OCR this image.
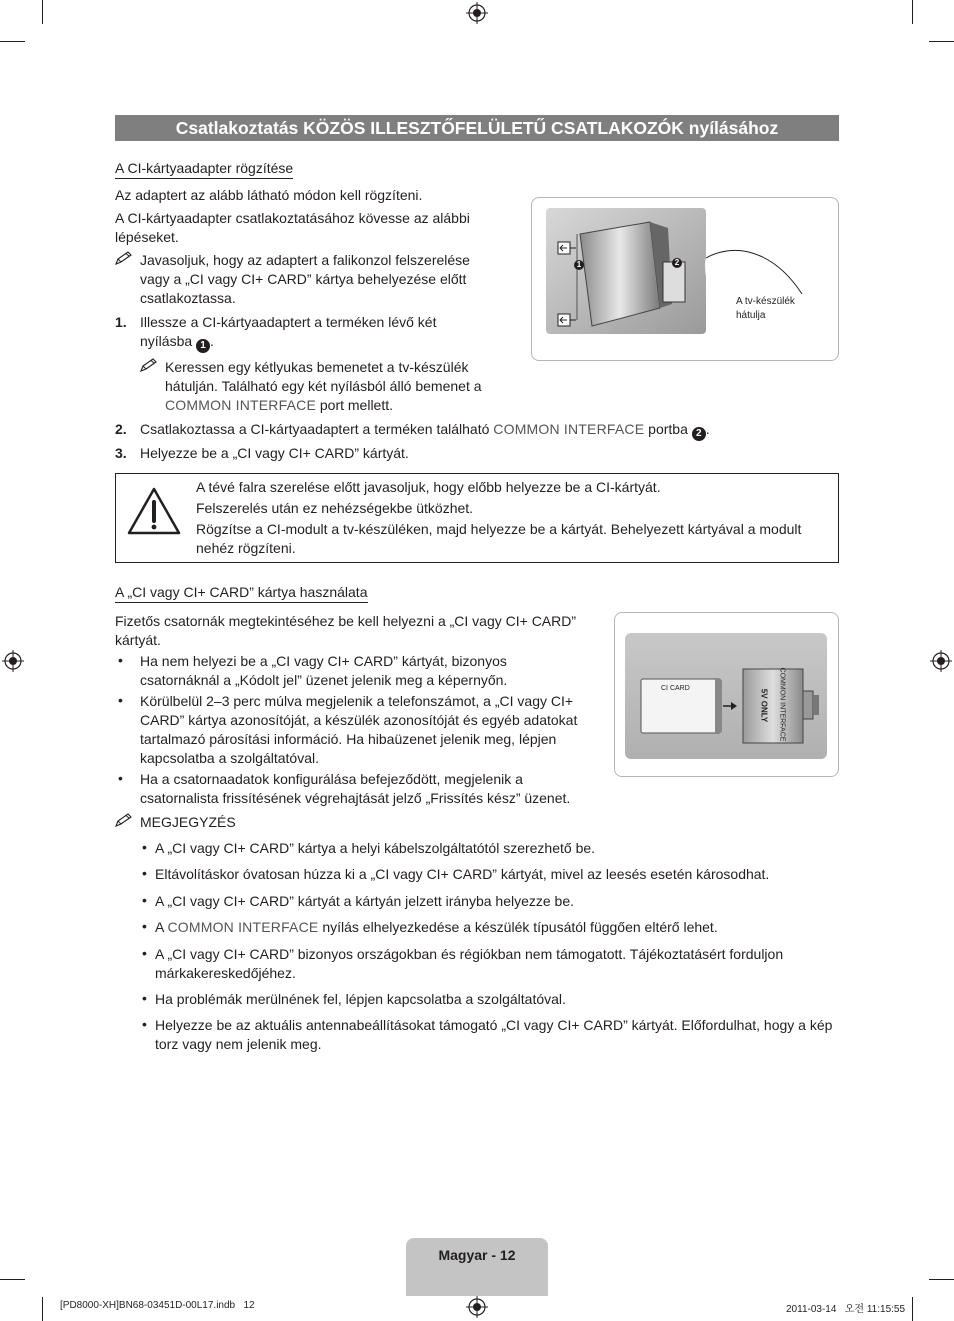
Csatlakoztatás KÖZÖS ILLESZTŐFELÜLETŰ CSATLAKOZÓK nyílásához
A CI-kártyaadapter rögzítése
Az adaptert az alább látható módon kell rögzíteni.
A CI-kártyaadapter csatlakoztatásához kövesse az alábbi lépéseket.
Javasoljuk, hogy az adaptert a falikonzol felszerelése vagy a „CI vagy CI+ CARD” kártya behelyezése előtt csatlakoztassa.
1. Illessze a CI-kártyaadaptert a terméken lévő két nyílásba 1 .
Keressen egy kétlyukas bemenetet a tv-készülék hátulján. Található egy két nyílásból álló bemenet a COMMON INTERFACE port mellett.
2. Csatlakoztassa a CI-kártyaadaptert a terméken található COMMON INTERFACE portba 2 .
3. Helyezze be a „CI vagy CI+ CARD” kártyát.
1	2
A tv-készülék
hátulja
A tévé falra szerelése előtt javasoljuk, hogy előbb helyezze be a CI-kártyát.
Felszerelés után ez nehézségekbe ütközhet.
Rögzítse a CI-modult a tv-készüléken, majd helyezze be a kártyát. Behelyezett kártyával a modult nehéz rögzíteni.
A „CI vagy CI+ CARD” kártya használata
Fizetős csatornák megtekintéséhez be kell helyezni a „CI vagy CI+ CARD” kártyát.
• Ha nem helyezi be a „CI vagy CI+ CARD” kártyát, bizonyos csatornáknál a „Kódolt jel” üzenet jelenik meg a képernyőn.
• Körülbelül 2–3 perc múlva megjelenik a telefonszámot, a „CI vagy CI+ CARD” kártya azonosítóját, a készülék azonosítóját és egyéb adatokat tartalmazó párosítási információ. Ha hibaüzenet jelenik meg, lépjen kapcsolatba a szolgáltatóval.
• Ha a csatornaadatok konfigurálása befejeződött, megjelenik a csatornalista frissítésének végrehajtását jelző „Frissítés kész” üzenet.
CI CARD	COMMON INTERFACE
5V ONLY
MEGJEGYZÉS
• A „CI vagy CI+ CARD” kártya a helyi kábelszolgáltatótól szerezhető be.
• Eltávolításkor óvatosan húzza ki a „CI vagy CI+ CARD” kártyát, mivel az leesés esetén károsodhat.
• A „CI vagy CI+ CARD” kártyát a kártyán jelzett irányba helyezze be.
• A COMMON INTERFACE nyílás elhelyezkedése a készülék típusától függően eltérő lehet.
• A „CI vagy CI+ CARD” bizonyos országokban és régiókban nem támogatott. Tájékoztatásért forduljon márkakereskedőjéhez.
• Ha problémák merülnének fel, lépjen kapcsolatba a szolgáltatóval.
• Helyezze be az aktuális antennabeállításokat támogató „CI vagy CI+ CARD” kártyát. Előfordulhat, hogy a kép torz vagy nem jelenik meg.
Magyar - 12
[PD8000-XH]BN68-03451D-00L17.indb   12	2011-03-14   오전 11:15:55
